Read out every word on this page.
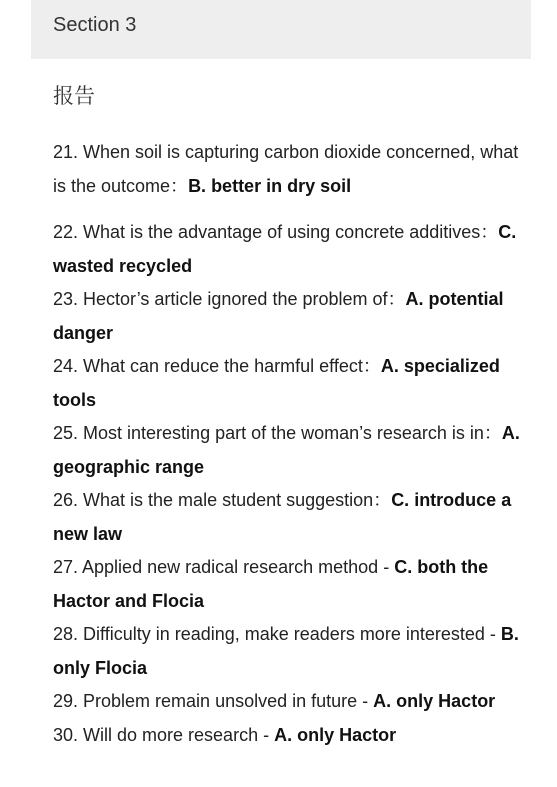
Section 3
报告

21. When soil is capturing carbon dioxide concerned, what is the outcome：B. better in dry soil

22. What is the advantage of using concrete additives：C. wasted recycled

23. Hector’s article ignored the problem of：A. potential danger

24. What can reduce the harmful effect：A. specialized tools

25. Most interesting part of the woman’s research is in：A. geographic range

26. What is the male student suggestion：C. introduce a new law

27. Applied new radical research method - C. both the Hactor and Flocia

28. Difficulty in reading, make readers more interested - B. only Flocia

29. Problem remain unsolved in future - A. only Hactor

30. Will do more research - A. only Hactor
